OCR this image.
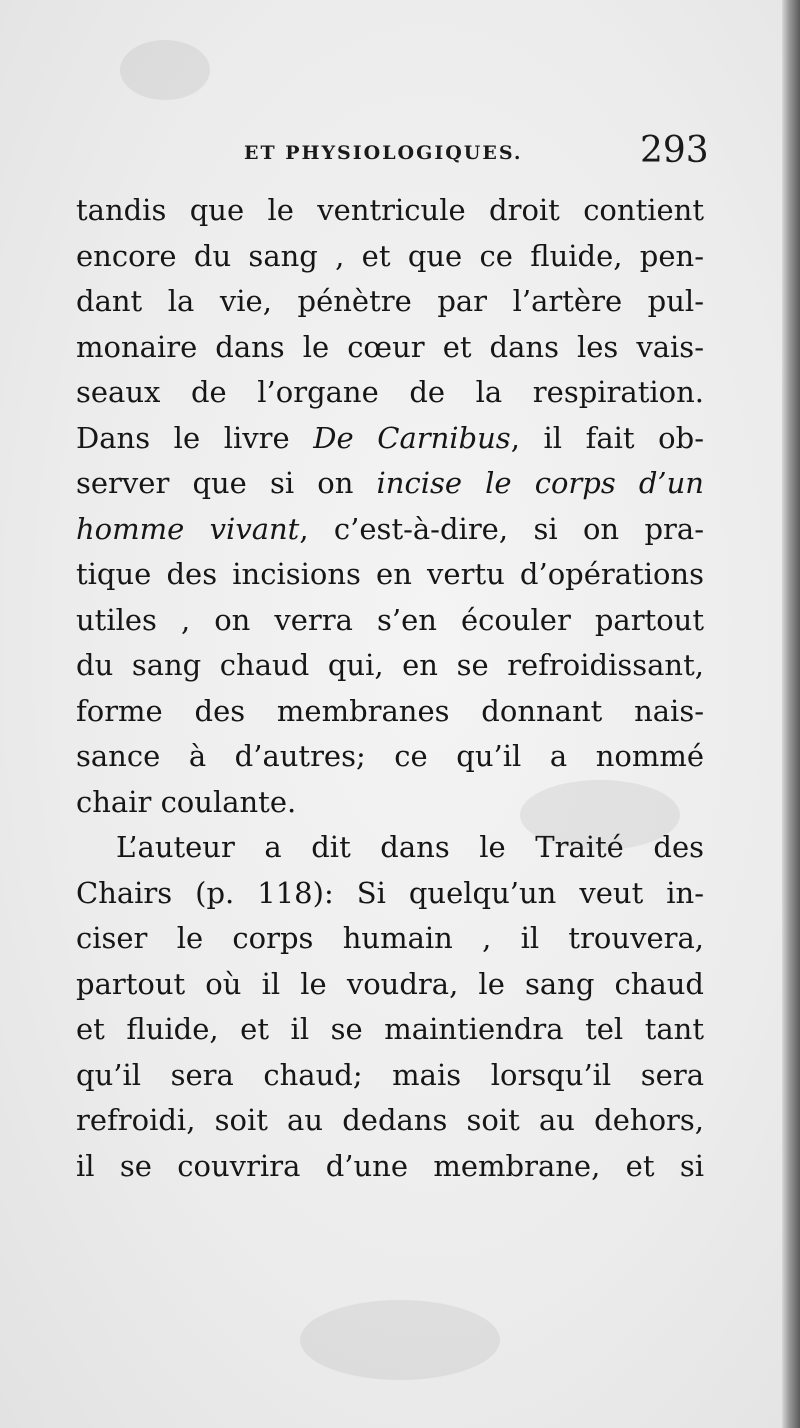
ET PHYSIOLOGIQUES.	293
tandis que le ventricule droit contient
encore du sang , et que ce fluide, pen-
dant la vie, pénètre par l’artère pul-
monaire dans le cœur et dans les vais-
seaux de l’organe de la respiration.
Dans le livre De Carnibus, il fait ob-
server que si on incise le corps d’un
homme vivant, c’est-à-dire, si on pra-
tique des incisions en vertu d’opérations
utiles , on verra s’en écouler partout
du sang chaud qui, en se refroidissant,
forme des membranes donnant nais-
sance à d’autres; ce qu’il a nommé
chair coulante.
L’auteur a dit dans le Traité des
Chairs (p. 118): Si quelqu’un veut in-
ciser le corps humain , il trouvera,
partout où il le voudra, le sang chaud
et fluide, et il se maintiendra tel tant
qu’il sera chaud; mais lorsqu’il sera
refroidi, soit au dedans soit au dehors,
il se couvrira d’une membrane, et si
